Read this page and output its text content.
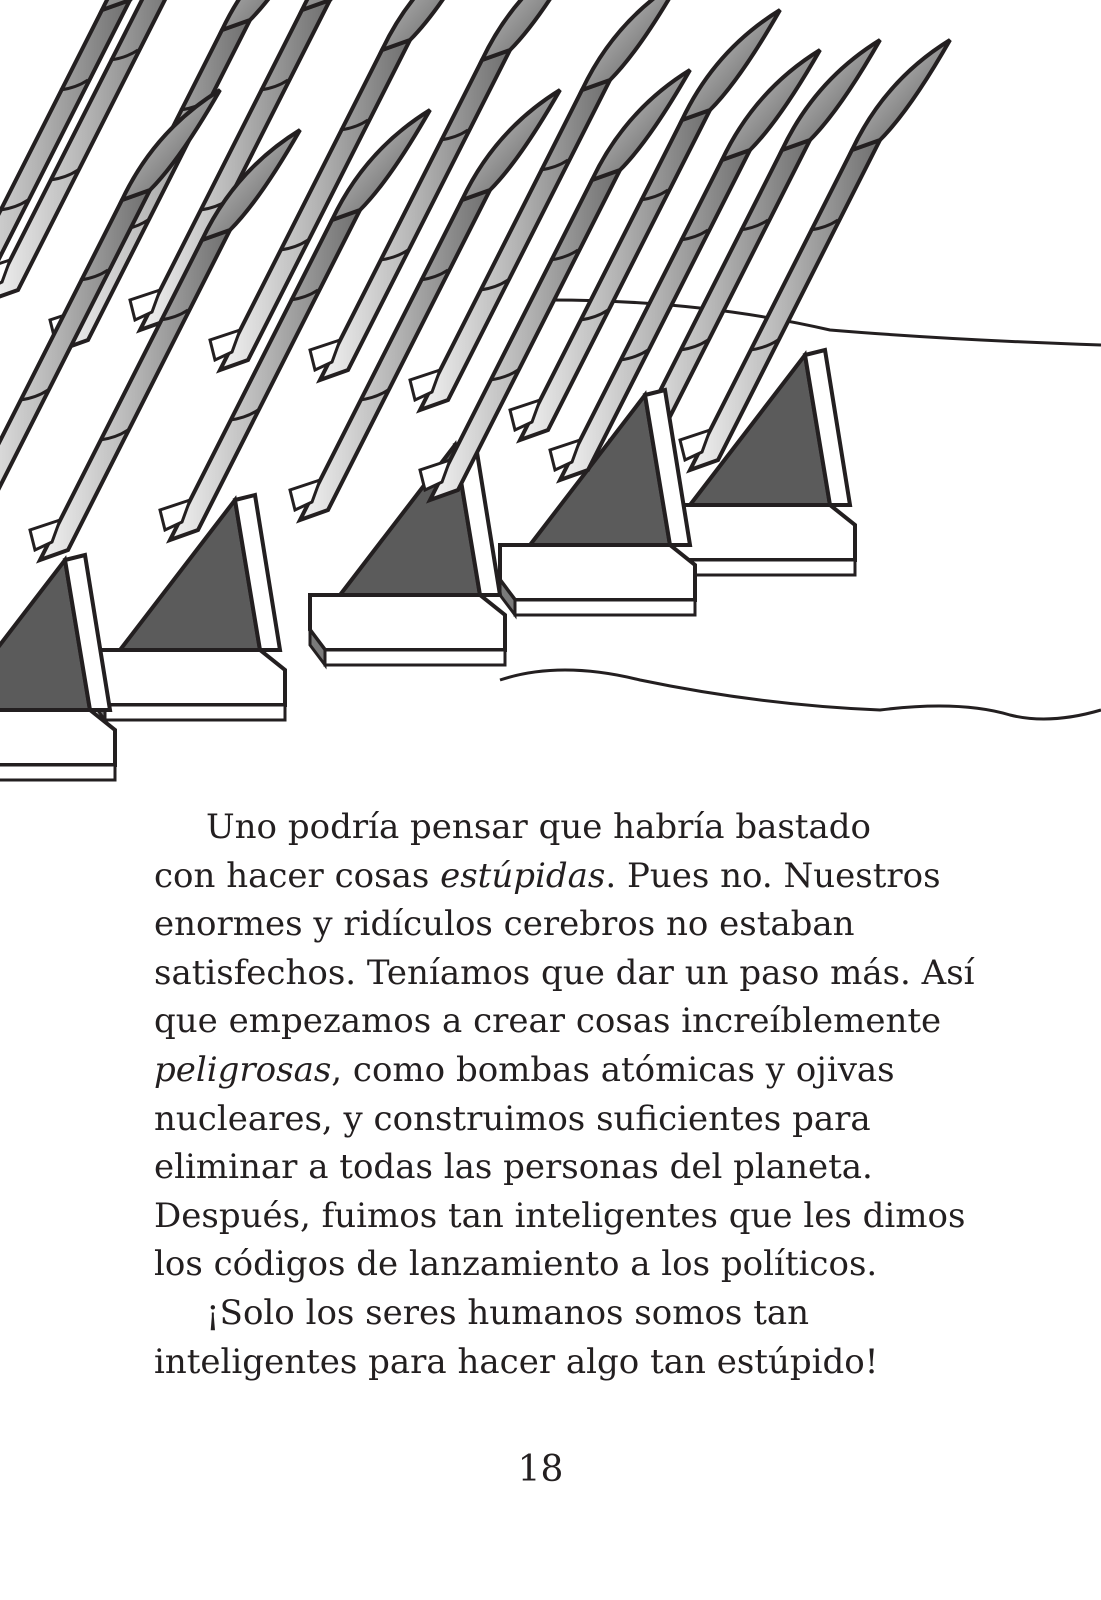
Uno podría pensar que habría bastado
con hacer cosas estúpidas. Pues no. Nuestros
enormes y ridículos cerebros no estaban
satisfechos. Teníamos que dar un paso más. Así
que empezamos a crear cosas increíblemente
peligrosas, como bombas atómicas y ojivas
nucleares, y construimos suficientes para
eliminar a todas las personas del planeta.
Después, fuimos tan inteligentes que les dimos
los códigos de lanzamiento a los políticos.
¡Solo los seres humanos somos tan
inteligentes para hacer algo tan estúpido!
18
